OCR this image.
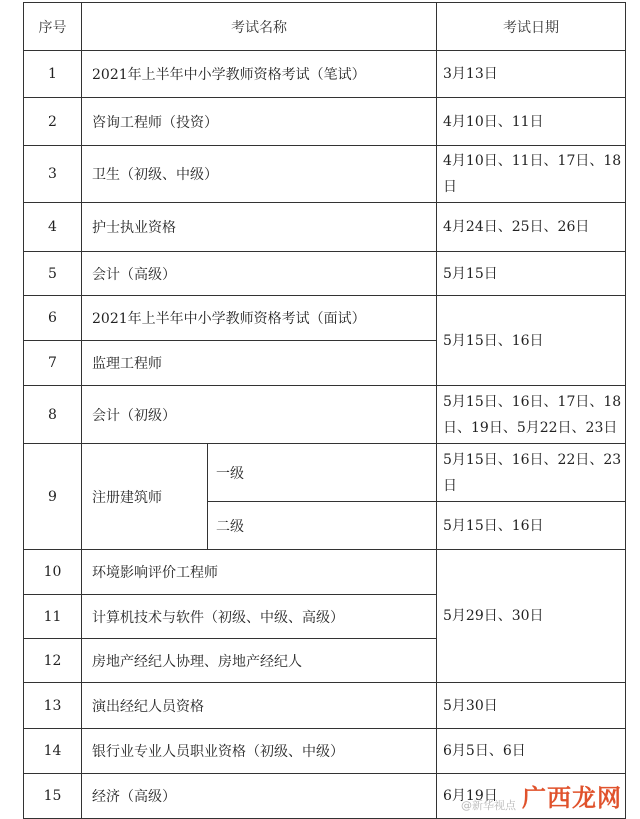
序号	考试名称		考试日期
1	2021年上半年中小学教师资格考试（笔试）		3月13日
2	咨询工程师（投资）		4月10日、11日
3	卫生（初级、中级）		4月10日、11日、17日、18日
4	护士执业资格		4月24日、25日、26日
5	会计（高级）		5月15日
6	2021年上半年中小学教师资格考试（面试）		5月15日、16日
7	监理工程师		
8	会计（初级）		5月15日、16日、17日、18日、19日、5月22日、23日
9	注册建筑师	一级	5月15日、16日、22日、23日
		二级	5月15日、16日
10	环境影响评价工程师		5月29日、30日
11	计算机技术与软件（初级、中级、高级）		
12	房地产经纪人协理、房地产经纪人		
13	演出经纪人员资格		5月30日
14	银行业专业人员职业资格（初级、中级）		6月5日、6日
15	经济（高级）		6月19日
@新华视点 广西龙网
